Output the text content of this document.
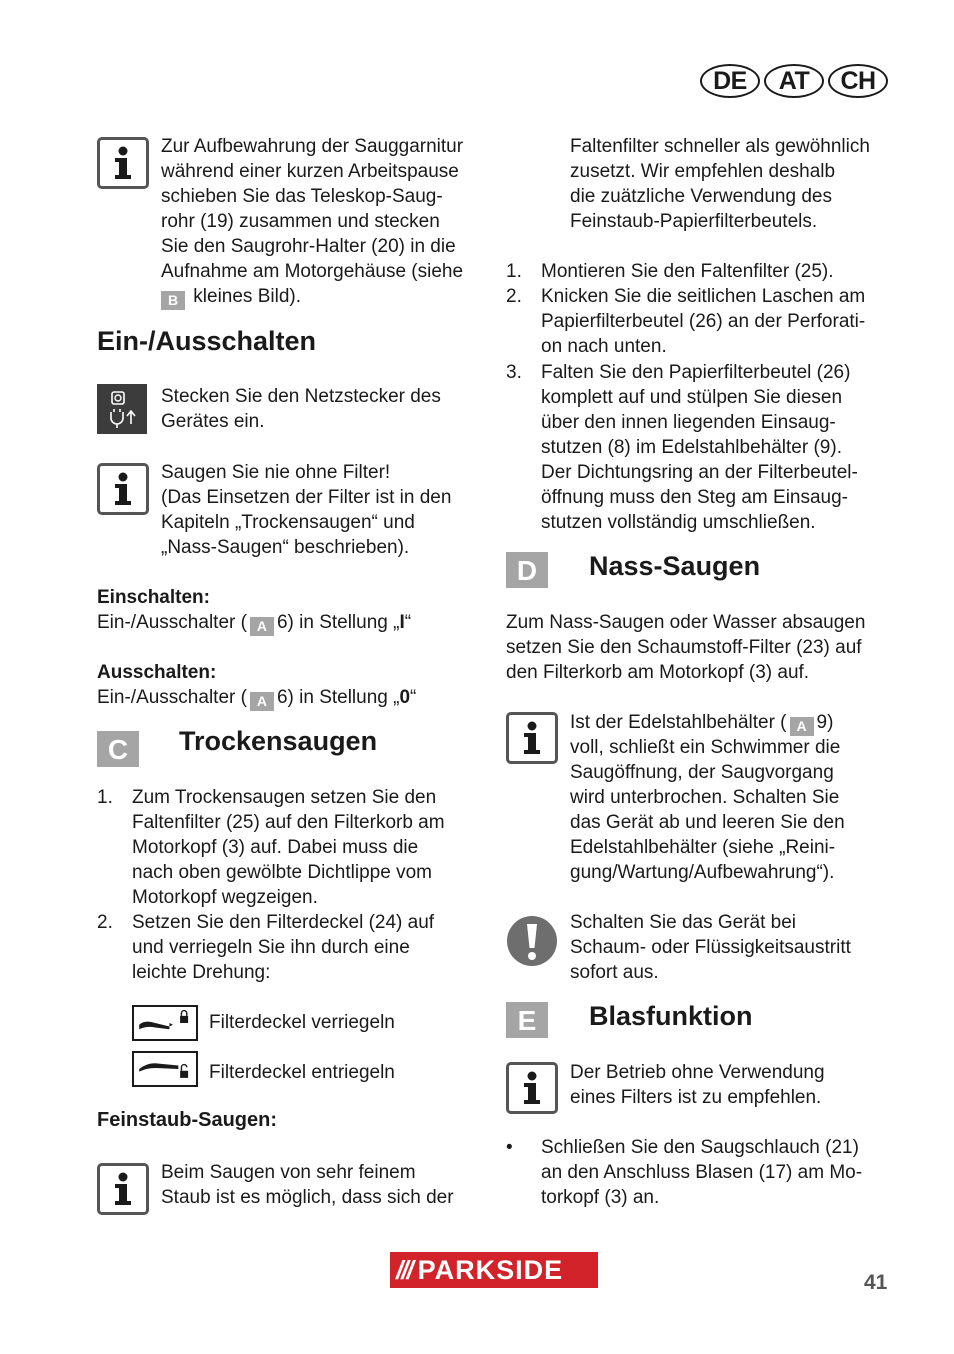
DE	AT	CH
Zur Aufbewahrung der Sauggarnitur
während einer kurzen Arbeitspause
schieben Sie das Teleskop-Saug-
rohr (19) zusammen und stecken
Sie den Saugrohr-Halter (20) in die
Aufnahme am Motorgehäuse (siehe
B kleines Bild).
Ein-/Ausschalten
Stecken Sie den Netzstecker des
Gerätes ein.
Saugen Sie nie ohne Filter!
(Das Einsetzen der Filter ist in den
Kapiteln „Trockensaugen“ und
„Nass-Saugen“ beschrieben).
Einschalten:
Ein-/Ausschalter ( A 6) in Stellung „I“
Ausschalten:
Ein-/Ausschalter ( A 6) in Stellung „0“
C	Trockensaugen
1. Zum Trockensaugen setzen Sie den
Faltenfilter (25) auf den Filterkorb am
Motorkopf (3) auf. Dabei muss die
nach oben gewölbte Dichtlippe vom
Motorkopf wegzeigen.
2. Setzen Sie den Filterdeckel (24) auf
und verriegeln Sie ihn durch eine
leichte Drehung:
Filterdeckel verriegeln
Filterdeckel entriegeln
Feinstaub-Saugen:
Beim Saugen von sehr feinem
Staub ist es möglich, dass sich der
Faltenfilter schneller als gewöhnlich
zusetzt. Wir empfehlen deshalb
die zuätzliche Verwendung des
Feinstaub-Papierfilterbeutels.
1. Montieren Sie den Faltenfilter (25).
2. Knicken Sie die seitlichen Laschen am
Papierfilterbeutel (26) an der Perforati-
on nach unten.
3. Falten Sie den Papierfilterbeutel (26)
komplett auf und stülpen Sie diesen
über den innen liegenden Einsaug-
stutzen (8) im Edelstahlbehälter (9).
Der Dichtungsring an der Filterbeutel-
öffnung muss den Steg am Einsaug-
stutzen vollständig umschließen.
D	Nass-Saugen
Zum Nass-Saugen oder Wasser absaugen
setzen Sie den Schaumstoff-Filter (23) auf
den Filterkorb am Motorkopf (3) auf.
Ist der Edelstahlbehälter ( A 9)
voll, schließt ein Schwimmer die
Saugöffnung, der Saugvorgang
wird unterbrochen. Schalten Sie
das Gerät ab und leeren Sie den
Edelstahlbehälter (siehe „Reini-
gung/Wartung/Aufbewahrung“).
Schalten Sie das Gerät bei
Schaum- oder Flüssigkeitsaustritt
sofort aus.
E	Blasfunktion
Der Betrieb ohne Verwendung
eines Filters ist zu empfehlen.
• Schließen Sie den Saugschlauch (21)
an den Anschluss Blasen (17) am Mo-
torkopf (3) an.
/// PARKSIDE	41
